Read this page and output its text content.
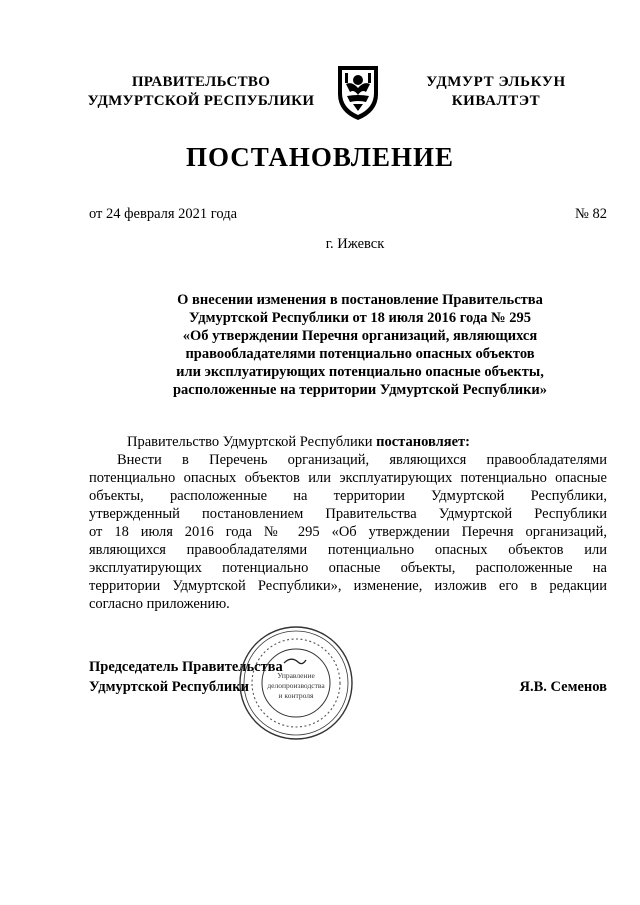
ПРАВИТЕЛЬСТВО
УДМУРТСКОЙ РЕСПУБЛИКИ
УДМУРТ ЭЛЬКУН
КИВАЛТЭТ
ПОСТАНОВЛЕНИЕ
от 24 февраля 2021 года	№ 82
г. Ижевск
О внесении изменения в постановление Правительства
Удмуртской Республики от 18 июля 2016 года № 295
«Об утверждении Перечня организаций, являющихся
правообладателями потенциально опасных объектов
или эксплуатирующих потенциально опасные объекты,
расположенные на территории Удмуртской Республики»
Правительство Удмуртской Республики постановляет:
Внести в Перечень организаций, являющихся правообладателями
потенциально опасных объектов или эксплуатирующих потенциально опасные
объекты, расположенные на территории Удмуртской Республики,
утвержденный постановлением Правительства Удмуртской Республики
от 18 июля 2016 года № 295 «Об утверждении Перечня организаций,
являющихся правообладателями потенциально опасных объектов или
эксплуатирующих потенциально опасные объекты, расположенные на
территории Удмуртской Республики», изменение, изложив его в редакции
согласно приложению.
Председатель Правительства
Удмуртской Республики
Управление
делопроизводства
и контроля
Я.В. Семенов
